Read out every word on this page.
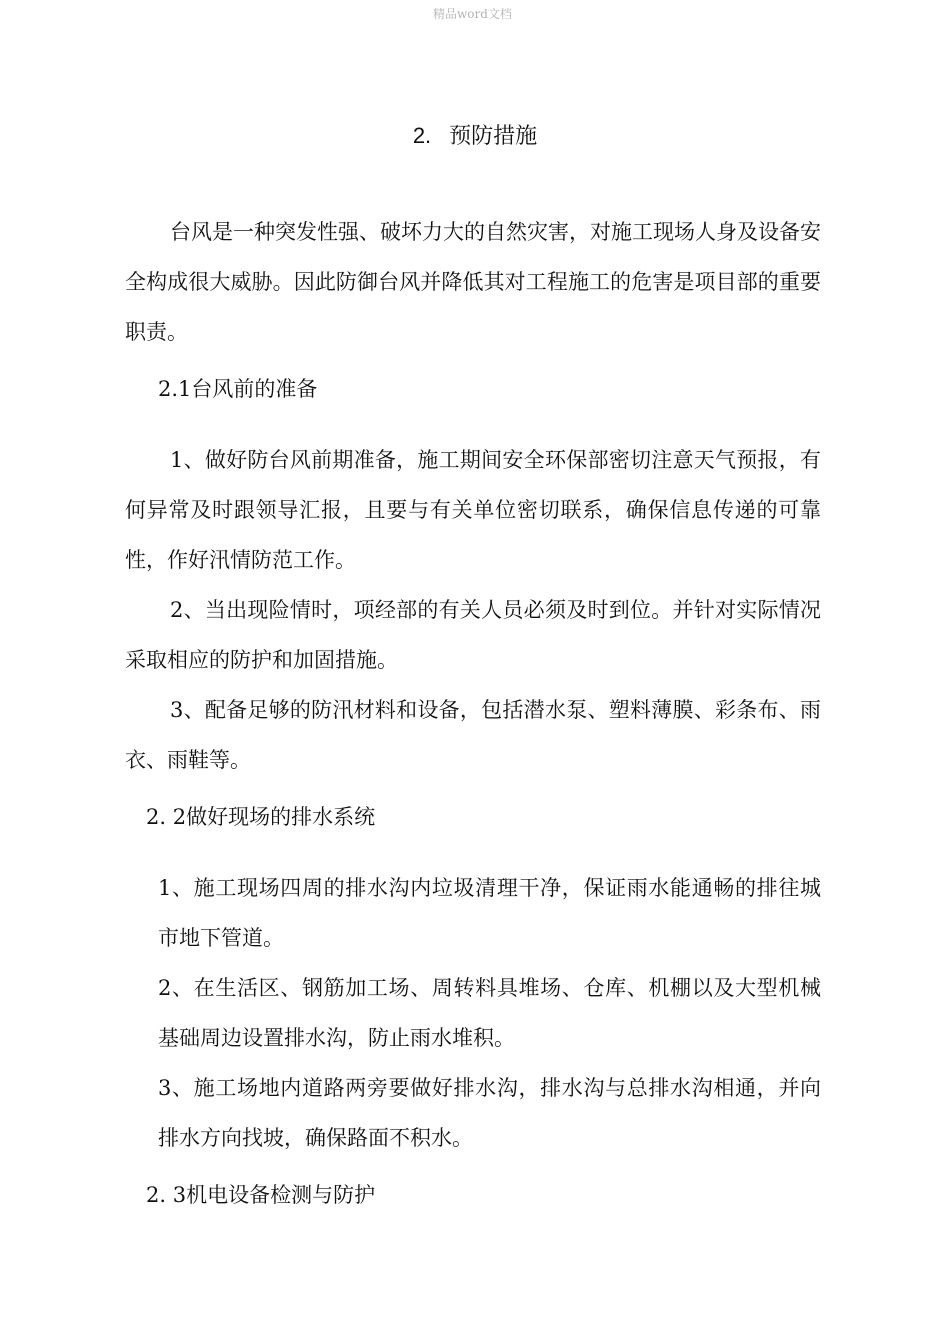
精品word文档
2. 预防措施

台风是一种突发性强、破坏力大的自然灾害，对施工现场人身及设备安全构成很大威胁。因此防御台风并降低其对工程施工的危害是项目部的重要职责。

2.1台风前的准备

1、做好防台风前期准备，施工期间安全环保部密切注意天气预报，有何异常及时跟领导汇报，且要与有关单位密切联系，确保信息传递的可靠性，作好汛情防范工作。

2、当出现险情时，项经部的有关人员必须及时到位。并针对实际情况采取相应的防护和加固措施。

3、配备足够的防汛材料和设备，包括潜水泵、塑料薄膜、彩条布、雨衣、雨鞋等。

2. 2做好现场的排水系统

1、施工现场四周的排水沟内垃圾清理干净，保证雨水能通畅的排往城市地下管道。

2、在生活区、钢筋加工场、周转料具堆场、仓库、机棚以及大型机械基础周边设置排水沟，防止雨水堆积。

3、施工场地内道路两旁要做好排水沟，排水沟与总排水沟相通，并向排水方向找坡，确保路面不积水。

2. 3机电设备检测与防护
